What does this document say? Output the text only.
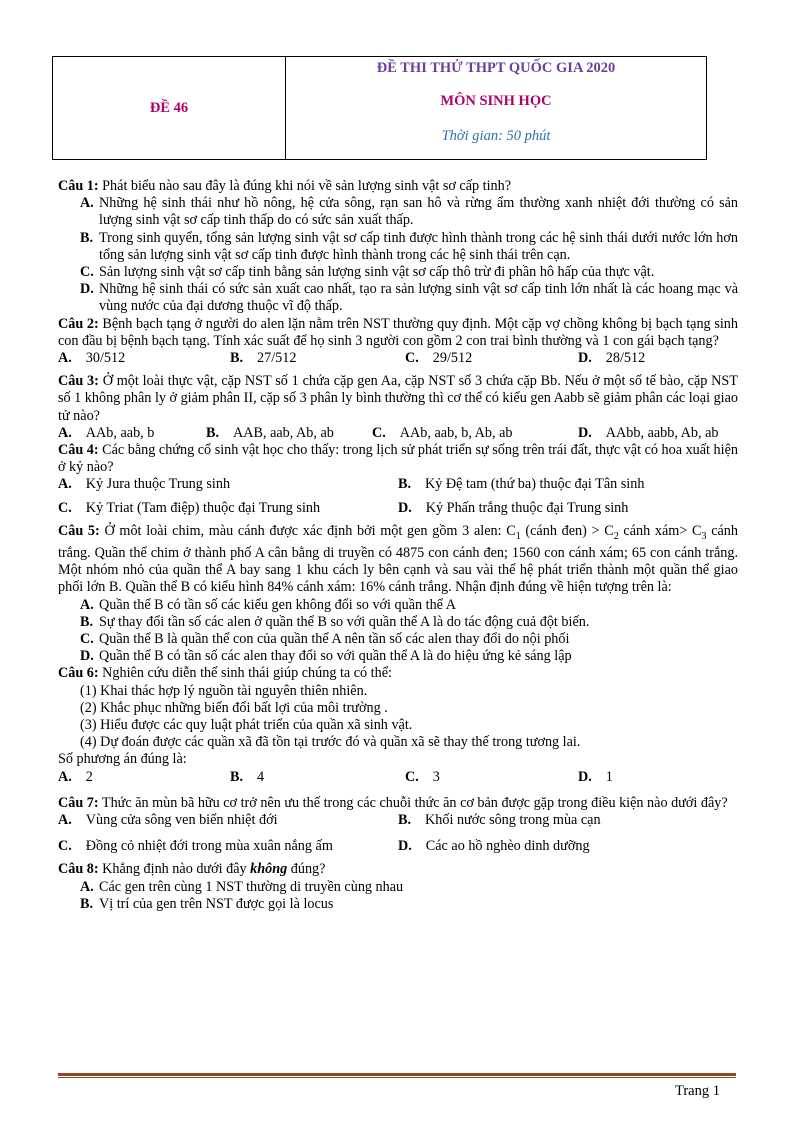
ĐỀ 46
ĐỀ THI THỬ THPT QUỐC GIA 2020
MÔN SINH HỌC
Thời gian: 50 phút

Câu 1: Phát biểu nào sau đây là đúng khi nói về sản lượng sinh vật sơ cấp tinh?

A. Những hệ sinh thái như hồ nông, hệ cửa sông, rạn san hô và rừng ẩm thường xanh nhiệt đới thường có sản lượng sinh vật sơ cấp tinh thấp do có sức sản xuất thấp.
B. Trong sinh quyển, tổng sản lượng sinh vật sơ cấp tinh được hình thành trong các hệ sinh thái dưới nước lớn hơn tổng sản lượng sinh vật sơ cấp tinh được hình thành trong các hệ sinh thái trên cạn.
C. Sản lượng sinh vật sơ cấp tinh bằng sản lượng sinh vật sơ cấp thô trừ đi phần hô hấp của thực vật.
D. Những hệ sinh thái có sức sản xuất cao nhất, tạo ra sản lượng sinh vật sơ cấp tinh lớn nhất là các hoang mạc và vùng nước của đại dương thuộc vĩ độ thấp.

Câu 2: Bệnh bạch tạng ở người do alen lặn nằm trên NST thường quy định. Một cặp vợ chồng không bị bạch tạng sinh con đầu bị bệnh bạch tạng. Tính xác suất để họ sinh 3 người con gồm 2 con trai bình thường và 1 con gái bạch tạng?

A. 30/512	B. 27/512	C. 29/512	D. 28/512

Câu 3: Ở một loài thực vật, cặp NST số 1 chứa cặp gen Aa, cặp NST số 3 chứa cặp Bb. Nếu ở một số tế bào, cặp NST số 1 không phân ly ở giảm phân II, cặp số 3 phân ly bình thường thì cơ thể có kiểu gen Aabb sẽ giảm phân các loại giao tử nào?

A. AAb, aab, b	B. AAB, aab, Ab, ab	C. AAb, aab, b, Ab, ab	D. AAbb, aabb, Ab, ab

Câu 4: Các bằng chứng cổ sinh vật học cho thấy: trong lịch sử phát triển sự sống trên trái đất, thực vật có hoa xuất hiện ở kỷ nào?

A. Kỷ Jura thuộc Trung sinh	B. Kỷ Đệ tam (thứ ba) thuộc đại Tân sinh
C. Kỷ Triat (Tam điệp) thuộc đại Trung sinh	D. Kỷ Phấn trắng thuộc đại Trung sinh

Câu 5: Ở môt loài chim, màu cánh được xác định bởi một gen gồm 3 alen: $C_1$ (cánh đen) > $C_2$ cánh xám> $C_3$ cánh trắng. Quần thể chim ở thành phố A cân bằng di truyền có 4875 con cánh đen; 1560 con cánh xám; 65 con cánh trắng. Một nhóm nhỏ của quần thể A bay sang 1 khu cách ly bên cạnh và sau vài thế hệ phát triển thành một quần thể giao phối lớn B. Quần thể B có kiểu hình 84% cánh xám: 16% cánh trắng. Nhận định đúng về hiện tượng trên là:

A. Quần thể B có tần số các kiểu gen không đổi so với quần thể A
B. Sự thay đổi tần số các alen ở quần thể B so với quần thể A là do tác động cuả đột biến.
C. Quần thể B là quần thể con của quần thể A nên tần số các alen thay đổi do nội phối
D. Quần thể B có tần số các alen thay đổi so với quần thể A là do hiệu ứng kẻ sáng lập

Câu 6: Nghiên cứu diễn thế sinh thái giúp chúng ta có thể:

(1) Khai thác hợp lý nguồn tài nguyên thiên nhiên.
(2) Khắc phục những biến đổi bất lợi của môi trường .
(3) Hiểu được các quy luật phát triển của quần xã sinh vật.
(4) Dự đoán được các quần xã đã tồn tại trước đó và quần xã sẽ thay thế trong tương lai.
Số phương án đúng là:
A. 2	B. 4	C. 3	D. 1

Câu 7: Thức ăn mùn bã hữu cơ trở nên ưu thế trong các chuỗi thức ăn cơ bản được gặp trong điều kiện nào dưới đây?

A. Vùng cửa sông ven biển nhiệt đới	B. Khối nước sông trong mùa cạn
C. Đồng cỏ nhiệt đới trong mùa xuân nắng ấm	D. Các ao hồ nghèo dinh dưỡng

Câu 8: Khẳng định nào dưới đây không đúng?

A. Các gen trên cùng 1 NST thường di truyền cùng nhau
B. Vị trí của gen trên NST được gọi là locus
Trang 1
